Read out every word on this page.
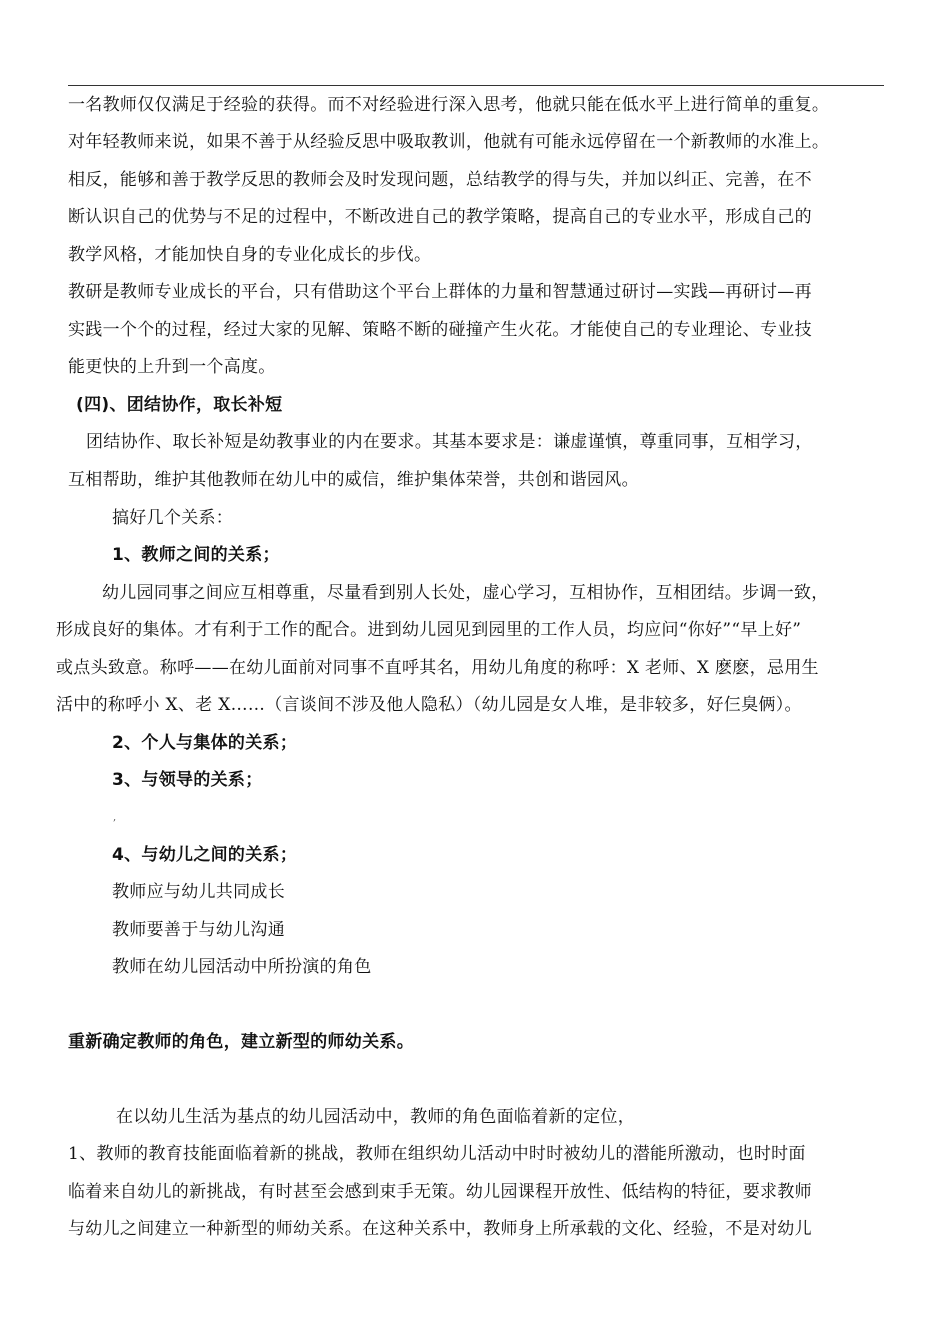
一名教师仅仅满足于经验的获得。而不对经验进行深入思考，他就只能在低水平上进行简单的重复。
对年轻教师来说，如果不善于从经验反思中吸取教训，他就有可能永远停留在一个新教师的水准上。
相反，能够和善于教学反思的教师会及时发现问题，总结教学的得与失，并加以纠正、完善，在不
断认识自己的优势与不足的过程中，不断改进自己的教学策略，提高自己的专业水平，形成自己的
教学风格，才能加快自身的专业化成长的步伐。
教研是教师专业成长的平台，只有借助这个平台上群体的力量和智慧通过研讨—实践—再研讨—再
实践一个个的过程，经过大家的见解、策略不断的碰撞产生火花。才能使自己的专业理论、专业技
能更快的上升到一个高度。
(四)、团结协作，取长补短
团结协作、取长补短是幼教事业的内在要求。其基本要求是：谦虚谨慎，尊重同事，互相学习，
互相帮助，维护其他教师在幼儿中的威信，维护集体荣誉，共创和谐园风。
搞好几个关系：
1、教师之间的关系；
幼儿园同事之间应互相尊重，尽量看到别人长处，虚心学习，互相协作，互相团结。步调一致，
形成良好的集体。才有利于工作的配合。进到幼儿园见到园里的工作人员，均应问“你好”“早上好”
或点头致意。称呼——在幼儿面前对同事不直呼其名，用幼儿角度的称呼：X 老师、X 麽麽，忌用生
活中的称呼小 X、老 X……（言谈间不涉及他人隐私）（幼儿园是女人堆，是非较多，好仨臭俩）。
2、个人与集体的关系；
3、与领导的关系；
,
4、与幼儿之间的关系；
教师应与幼儿共同成长
教师要善于与幼儿沟通
教师在幼儿园活动中所扮演的角色
重新确定教师的角色，建立新型的师幼关系。
在以幼儿生活为基点的幼儿园活动中，教师的角色面临着新的定位，
1、教师的教育技能面临着新的挑战，教师在组织幼儿活动中时时被幼儿的潜能所激动，也时时面
临着来自幼儿的新挑战，有时甚至会感到束手无策。幼儿园课程开放性、低结构的特征，要求教师
与幼儿之间建立一种新型的师幼关系。在这种关系中，教师身上所承载的文化、经验，不是对幼儿
